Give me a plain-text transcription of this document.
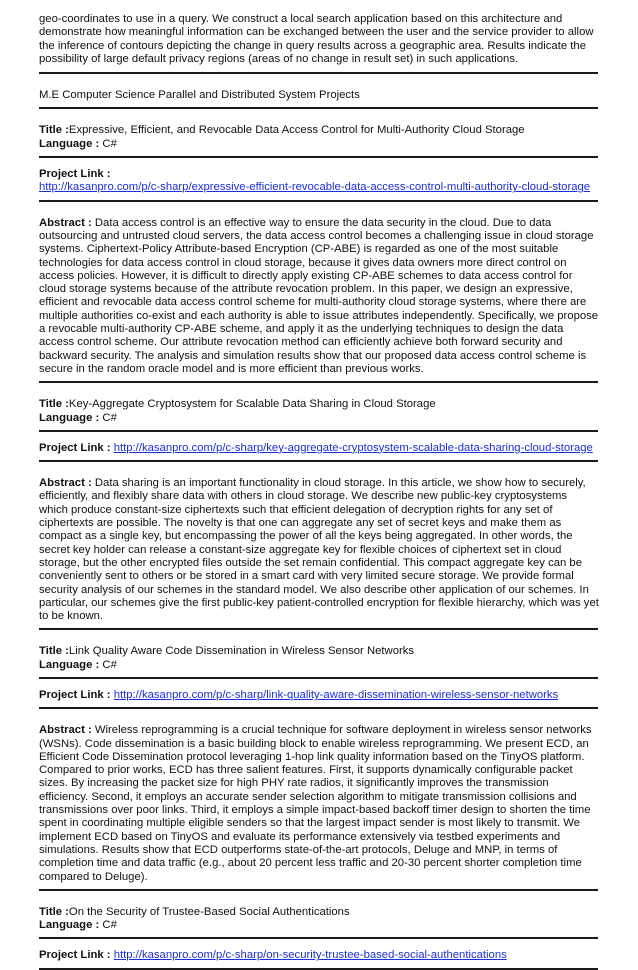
geo-coordinates to use in a query. We construct a local search application based on this architecture and demonstrate how meaningful information can be exchanged between the user and the service provider to allow the inference of contours depicting the change in query results across a geographic area. Results indicate the possibility of large default privacy regions (areas of no change in result set) in such applications.

M.E Computer Science Parallel and Distributed System Projects

Title :Expressive, Efficient, and Revocable Data Access Control for Multi-Authority Cloud Storage

Language : C#

Project Link :

http://kasanpro.com/p/c-sharp/expressive-efficient-revocable-data-access-control-multi-authority-cloud-storage

Abstract : Data access control is an effective way to ensure the data security in the cloud. Due to data outsourcing and untrusted cloud servers, the data access control becomes a challenging issue in cloud storage systems. Ciphertext-Policy Attribute-based Encryption (CP-ABE) is regarded as one of the most suitable technologies for data access control in cloud storage, because it gives data owners more direct control on access policies. However, it is difficult to directly apply existing CP-ABE schemes to data access control for cloud storage systems because of the attribute revocation problem. In this paper, we design an expressive, efficient and revocable data access control scheme for multi-authority cloud storage systems, where there are multiple authorities co-exist and each authority is able to issue attributes independently. Specifically, we propose a revocable multi-authority CP-ABE scheme, and apply it as the underlying techniques to design the data access control scheme. Our attribute revocation method can efficiently achieve both forward security and backward security. The analysis and simulation results show that our proposed data access control scheme is secure in the random oracle model and is more efficient than previous works.

Title :Key-Aggregate Cryptosystem for Scalable Data Sharing in Cloud Storage

Language : C#

Project Link : http://kasanpro.com/p/c-sharp/key-aggregate-cryptosystem-scalable-data-sharing-cloud-storage

Abstract : Data sharing is an important functionality in cloud storage. In this article, we show how to securely, efficiently, and flexibly share data with others in cloud storage. We describe new public-key cryptosystems which produce constant-size ciphertexts such that efficient delegation of decryption rights for any set of ciphertexts are possible. The novelty is that one can aggregate any set of secret keys and make them as compact as a single key, but encompassing the power of all the keys being aggregated. In other words, the secret key holder can release a constant-size aggregate key for flexible choices of ciphertext set in cloud storage, but the other encrypted files outside the set remain confidential. This compact aggregate key can be conveniently sent to others or be stored in a smart card with very limited secure storage. We provide formal security analysis of our schemes in the standard model. We also describe other application of our schemes. In particular, our schemes give the first public-key patient-controlled encryption for flexible hierarchy, which was yet to be known.

Title :Link Quality Aware Code Dissemination in Wireless Sensor Networks

Language : C#

Project Link : http://kasanpro.com/p/c-sharp/link-quality-aware-dissemination-wireless-sensor-networks

Abstract : Wireless reprogramming is a crucial technique for software deployment in wireless sensor networks (WSNs). Code dissemination is a basic building block to enable wireless reprogramming. We present ECD, an Efficient Code Dissemination protocol leveraging 1-hop link quality information based on the TinyOS platform. Compared to prior works, ECD has three salient features. First, it supports dynamically configurable packet sizes. By increasing the packet size for high PHY rate radios, it significantly improves the transmission efficiency. Second, it employs an accurate sender selection algorithm to mitigate transmission collisions and transmissions over poor links. Third, it employs a simple impact-based backoff timer design to shorten the time spent in coordinating multiple eligible senders so that the largest impact sender is most likely to transmit. We implement ECD based on TinyOS and evaluate its performance extensively via testbed experiments and simulations. Results show that ECD outperforms state-of-the-art protocols, Deluge and MNP, in terms of completion time and data traffic (e.g., about 20 percent less traffic and 20-30 percent shorter completion time compared to Deluge).

Title :On the Security of Trustee-Based Social Authentications

Language : C#

Project Link : http://kasanpro.com/p/c-sharp/on-security-trustee-based-social-authentications
